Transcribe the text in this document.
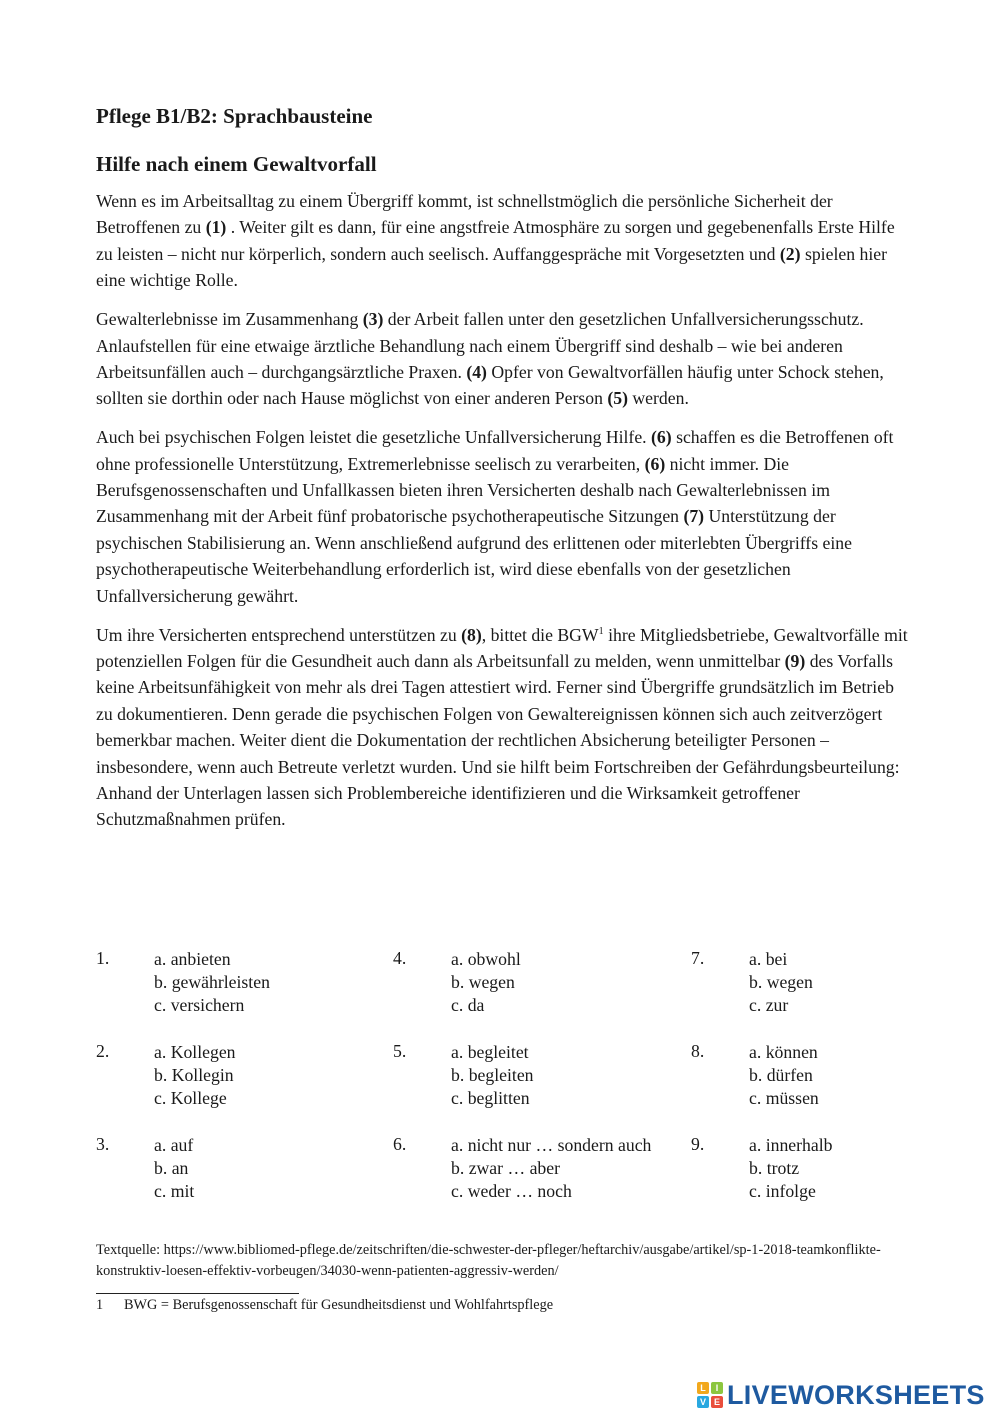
Pflege B1/B2: Sprachbausteine
Hilfe nach einem Gewaltvorfall

Wenn es im Arbeitsalltag zu einem Übergriff kommt, ist schnellstmöglich die persönliche Sicherheit der Betroffenen zu (1) . Weiter gilt es dann, für eine angstfreie Atmosphäre zu sorgen und gegebenenfalls Erste Hilfe zu leisten – nicht nur körperlich, sondern auch seelisch. Auffanggespräche mit Vorgesetzten und (2) spielen hier eine wichtige Rolle.

Gewalterlebnisse im Zusammenhang (3) der Arbeit fallen unter den gesetzlichen Unfallversicherungsschutz. Anlaufstellen für eine etwaige ärztliche Behandlung nach einem Übergriff sind deshalb – wie bei anderen Arbeitsunfällen auch – durchgangsärztliche Praxen. (4) Opfer von Gewaltvorfällen häufig unter Schock stehen, sollten sie dorthin oder nach Hause möglichst von einer anderen Person (5) werden.

Auch bei psychischen Folgen leistet die gesetzliche Unfallversicherung Hilfe. (6) schaffen es die Betroffenen oft ohne professionelle Unterstützung, Extremerlebnisse seelisch zu verarbeiten, (6) nicht immer. Die Berufsgenossenschaften und Unfallkassen bieten ihren Versicherten deshalb nach Gewalterlebnissen im Zusammenhang mit der Arbeit fünf probatorische psychotherapeutische Sitzungen (7) Unterstützung der psychischen Stabilisierung an. Wenn anschließend aufgrund des erlittenen oder miterlebten Übergriffs eine psychotherapeutische Weiterbehandlung erforderlich ist, wird diese ebenfalls von der gesetzlichen Unfallversicherung gewährt.

Um ihre Versicherten entsprechend unterstützen zu (8), bittet die BGW$^1$ ihre Mitgliedsbetriebe, Gewaltvorfälle mit potenziellen Folgen für die Gesundheit auch dann als Arbeitsunfall zu melden, wenn unmittelbar (9) des Vorfalls keine Arbeitsunfähigkeit von mehr als drei Tagen attestiert wird. Ferner sind Übergriffe grundsätzlich im Betrieb zu dokumentieren. Denn gerade die psychischen Folgen von Gewaltereignissen können sich auch zeitverzögert bemerkbar machen. Weiter dient die Dokumentation der rechtlichen Absicherung beteiligter Personen – insbesondere, wenn auch Betreute verletzt wurden. Und sie hilft beim Fortschreiben der Gefährdungsbeurteilung: Anhand der Unterlagen lassen sich Problembereiche identifizieren und die Wirksamkeit getroffener Schutzmaßnahmen prüfen.

1.	a. anbieten
b. gewährleisten
c. versichern
4.	a. obwohl
b. wegen
c. da
7.	a. bei
b. wegen
c. zur
2.	a. Kollegen
b. Kollegin
c. Kollege
5.	a. begleitet
b. begleiten
c. beglitten
8.	a. können
b. dürfen
c. müssen
3.	a. auf
b. an
c. mit
6.	a. nicht nur … sondern auch
b. zwar … aber
c. weder … noch
9.	a. innerhalb
b. trotz
c. infolge
Textquelle: https://www.bibliomed-pflege.de/zeitschriften/die-schwester-der-pfleger/heftarchiv/ausgabe/artikel/sp-1-2018-teamkonflikte-konstruktiv-loesen-effektiv-vorbeugen/34030-wenn-patienten-aggressiv-werden/
1 BWG = Berufsgenossenschaft für Gesundheitsdienst und Wohlfahrtspflege
L	I
V E LIVEWORKSHEETS
